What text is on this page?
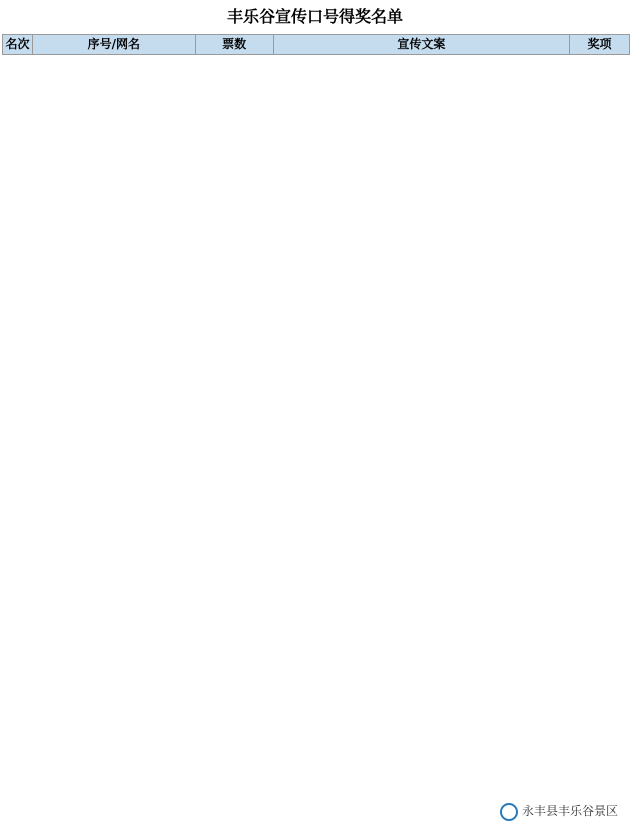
丰乐谷宣传口号得奖名单
名次	序号/网名	票数	宣传文案	奖项
永丰县丰乐谷景区
